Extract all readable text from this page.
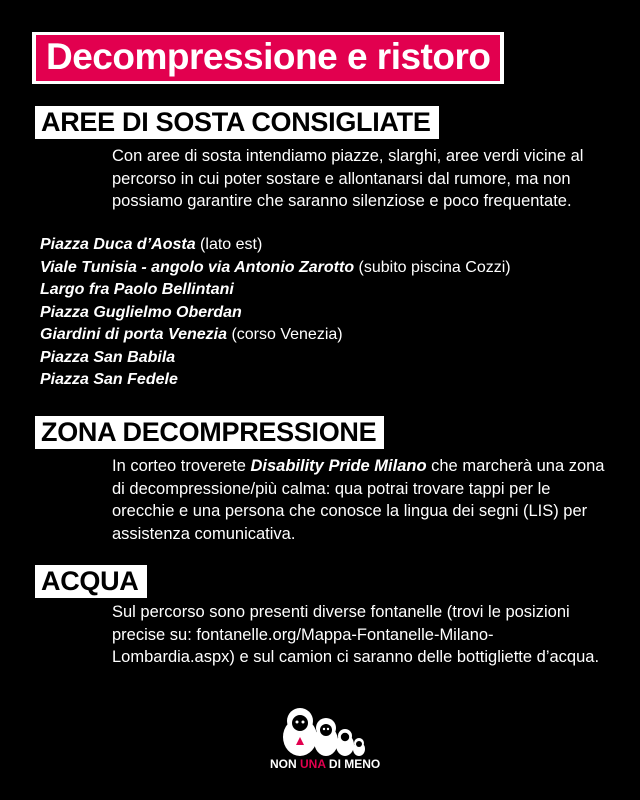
Decompressione e ristoro
AREE DI SOSTA CONSIGLIATE
Con aree di sosta intendiamo piazze, slarghi, aree verdi vicine al percorso in cui poter sostare e allontanarsi dal rumore, ma non possiamo garantire che saranno silenziose e poco frequentate.
Piazza Duca d’Aosta (lato est)
Viale Tunisia - angolo via Antonio Zarotto (subito piscina Cozzi)
Largo fra Paolo Bellintani
Piazza Guglielmo Oberdan
Giardini di porta Venezia (corso Venezia)
Piazza San Babila
Piazza San Fedele
ZONA DECOMPRESSIONE
In corteo troverete Disability Pride Milano che marcherà una zona di decompressione/più calma: qua potrai trovare tappi per le orecchie e una persona che conosce la lingua dei segni (LIS) per assistenza comunicativa.
ACQUA
Sul percorso sono presenti diverse fontanelle (trovi le posizioni precise su: fontanelle.org/Mappa-Fontanelle-Milano-Lombardia.aspx) e sul camion ci saranno delle bottigliette d’acqua.
NON UNA DI MENO
